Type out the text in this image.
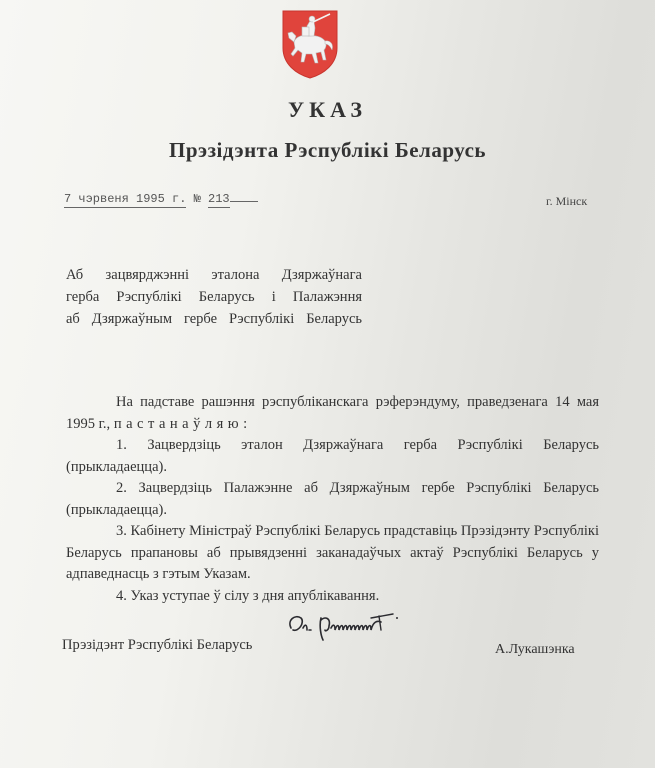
УКАЗ
Прэзідэнта Рэспублікі Беларусь
7 чэрвеня 1995 г. № 213	г. Мінск
Аб зацвярджэнні эталона Дзяржаўнага
герба Рэспублікі Беларусь і Палажэння
аб Дзяржаўным гербе Рэспублікі Беларусь

На падставе рашэння рэспубліканскага рэферэндуму, праведзенага 14 мая 1995 г., пастанаўляю:

1. Зацвердзіць эталон Дзяржаўнага герба Рэспублікі Беларусь (прыкладаецца).

2. Зацвердзіць Палажэнне аб Дзяржаўным гербе Рэспублікі Беларусь (прыкладаецца).

3. Кабінету Міністраў Рэспублікі Беларусь прадставіць Прэзідэнту Рэспублікі Беларусь прапановы аб прывядзенні заканадаўчых актаў Рэспублікі Беларусь у адпаведнасць з гэтым Указам.

4. Указ уступае ў сілу з дня апублікавання.

Прэзідэнт Рэспублікі Беларусь	А.Лукашэнка
